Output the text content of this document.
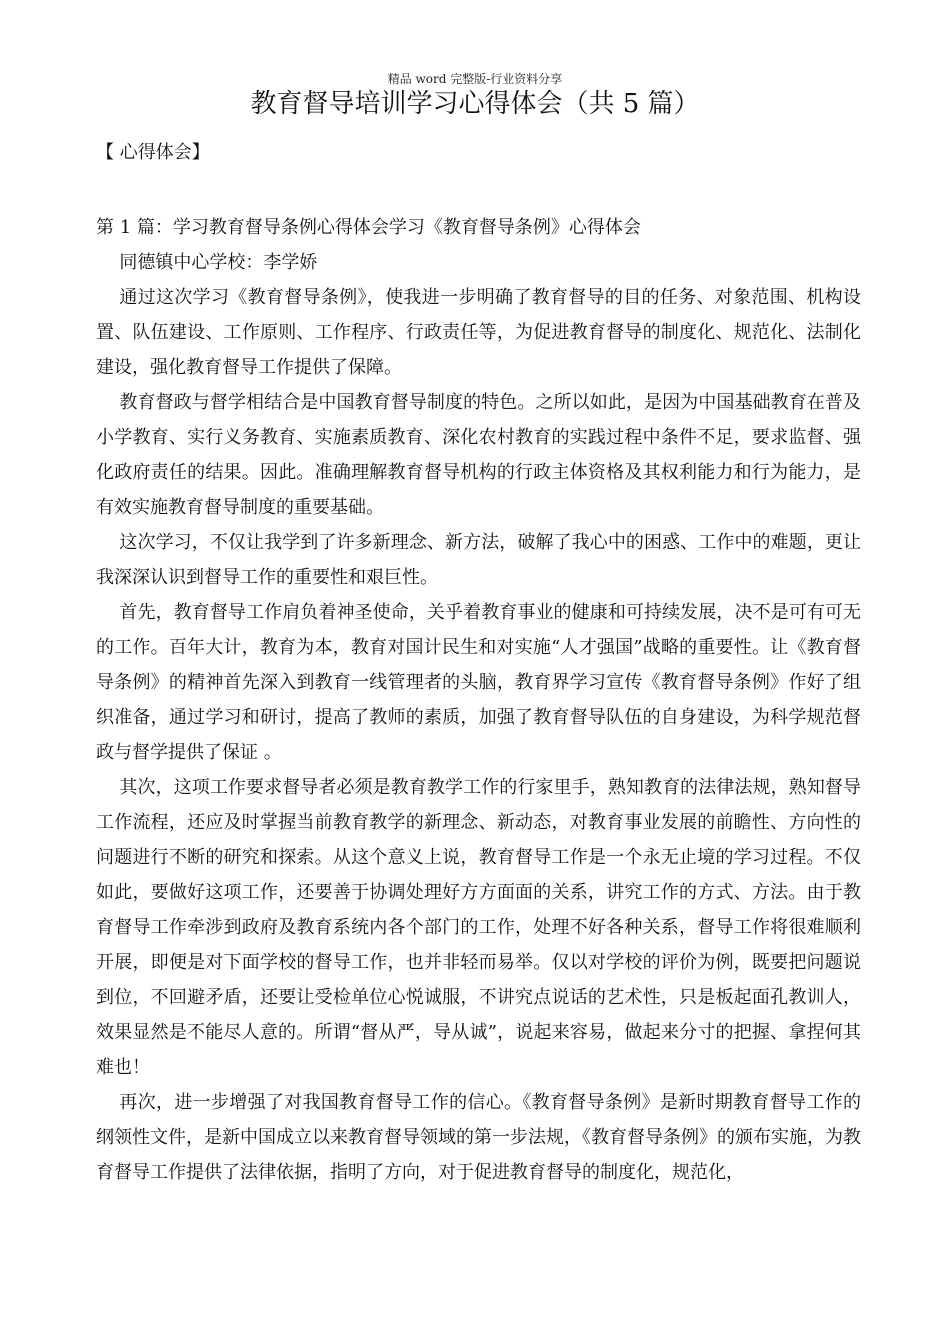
精品 word 完整版-行业资料分享
教育督导培训学习心得体会（共 5 篇）
【 心得体会】

第 1 篇：学习教育督导条例心得体会学习《教育督导条例》心得体会

同德镇中心学校：李学娇

通过这次学习《教育督导条例》，使我进一步明确了教育督导的目的任务、对象范围、机构设置、队伍建设、工作原则、工作程序、行政责任等，为促进教育督导的制度化、规范化、法制化建设，强化教育督导工作提供了保障。

教育督政与督学相结合是中国教育督导制度的特色。之所以如此，是因为中国基础教育在普及小学教育、实行义务教育、实施素质教育、深化农村教育的实践过程中条件不足，要求监督、强化政府责任的结果。因此。准确理解教育督导机构的行政主体资格及其权利能力和行为能力，是有效实施教育督导制度的重要基础。

这次学习，不仅让我学到了许多新理念、新方法，破解了我心中的困惑、工作中的难题，更让我深深认识到督导工作的重要性和艰巨性。

首先，教育督导工作肩负着神圣使命，关乎着教育事业的健康和可持续发展，决不是可有可无的工作。百年大计，教育为本，教育对国计民生和对实施“人才强国”战略的重要性。让《教育督导条例》的精神首先深入到教育一线管理者的头脑，教育界学习宣传《教育督导条例》作好了组织准备，通过学习和研讨，提高了教师的素质，加强了教育督导队伍的自身建设，为科学规范督政与督学提供了保证 。

其次，这项工作要求督导者必须是教育教学工作的行家里手，熟知教育的法律法规，熟知督导工作流程，还应及时掌握当前教育教学的新理念、新动态，对教育事业发展的前瞻性、方向性的问题进行不断的研究和探索。从这个意义上说，教育督导工作是一个永无止境的学习过程。不仅如此，要做好这项工作，还要善于协调处理好方方面面的关系，讲究工作的方式、方法。由于教育督导工作牵涉到政府及教育系统内各个部门的工作，处理不好各种关系，督导工作将很难顺利开展，即便是对下面学校的督导工作，也并非轻而易举。仅以对学校的评价为例，既要把问题说到位，不回避矛盾，还要让受检单位心悦诚服，不讲究点说话的艺术性，只是板起面孔教训人，效果显然是不能尽人意的。所谓“督从严，导从诚”，说起来容易，做起来分寸的把握、拿捏何其难也！

再次，进一步增强了对我国教育督导工作的信心。《教育督导条例》是新时期教育督导工作的纲领性文件，是新中国成立以来教育督导领域的第一步法规，《教育督导条例》的颁布实施，为教育督导工作提供了法律依据，指明了方向，对于促进教育督导的制度化，规范化，
